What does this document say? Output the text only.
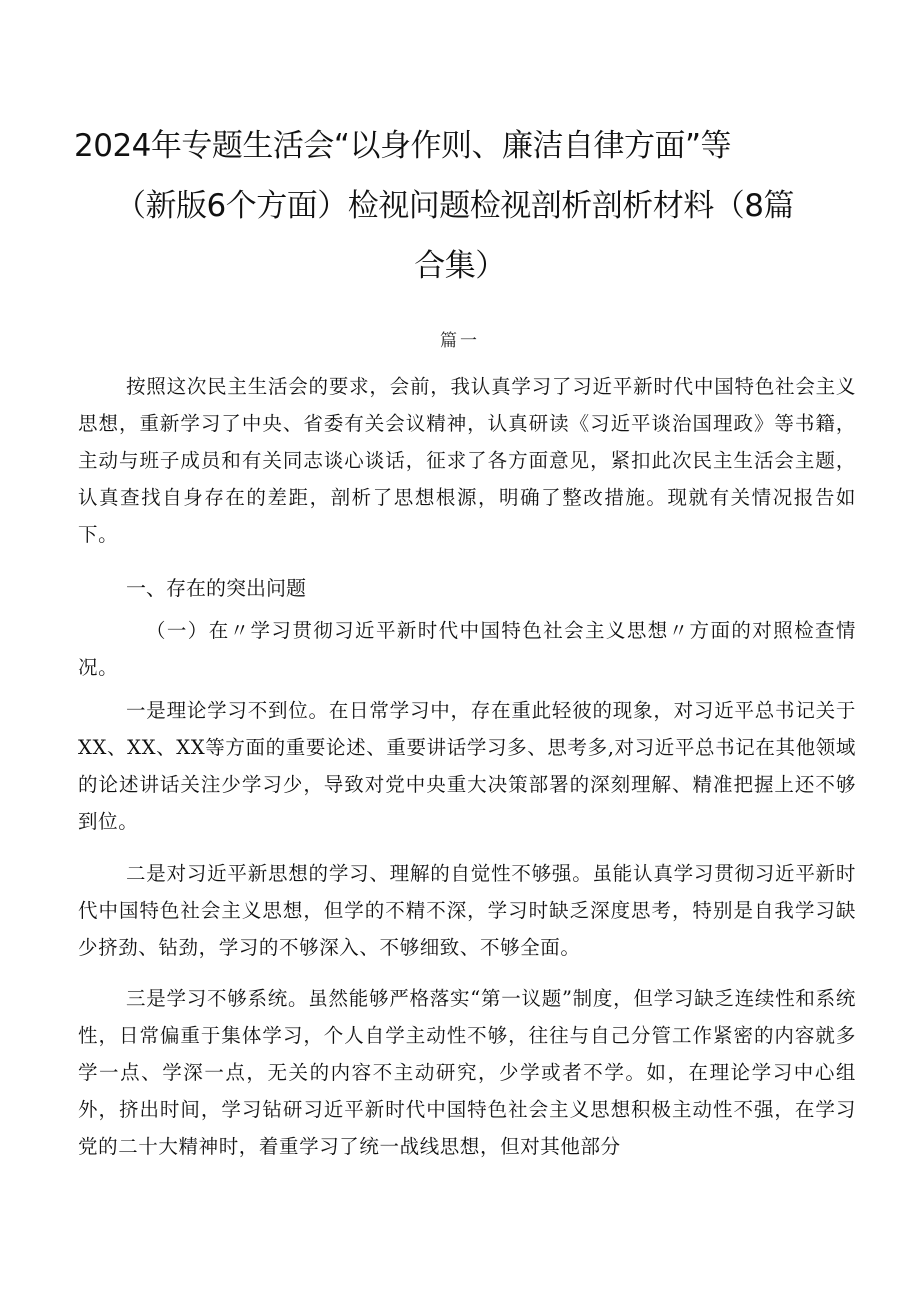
2024年专题生活会“以身作则、廉洁自律方面”等
（新版6个方面）检视问题检视剖析剖析材料（8篇
合集）
篇一

按照这次民主生活会的要求，会前，我认真学习了习近平新时代中国特色社会主义思想，重新学习了中央、省委有关会议精神，认真研读《习近平谈治国理政》等书籍，主动与班子成员和有关同志谈心谈话，征求了各方面意见，紧扣此次民主生活会主题，认真查找自身存在的差距，剖析了思想根源，明确了整改措施。现就有关情况报告如下。

一、存在的突出问题

（一）在〃学习贯彻习近平新时代中国特色社会主义思想〃方面的对照检查情况。

一是理论学习不到位。在日常学习中，存在重此轻彼的现象，对习近平总书记关于XX、XX、XX等方面的重要论述、重要讲话学习多、思考多,对习近平总书记在其他领域的论述讲话关注少学习少，导致对党中央重大决策部署的深刻理解、精准把握上还不够到位。

二是对习近平新思想的学习、理解的自觉性不够强。虽能认真学习贯彻习近平新时代中国特色社会主义思想，但学的不精不深，学习时缺乏深度思考，特别是自我学习缺少挤劲、钻劲，学习的不够深入、不够细致、不够全面。

三是学习不够系统。虽然能够严格落实“第一议题”制度，但学习缺乏连续性和系统性，日常偏重于集体学习，个人自学主动性不够，往往与自己分管工作紧密的内容就多学一点、学深一点，无关的内容不主动研究，少学或者不学。如，在理论学习中心组外，挤出时间，学习钻研习近平新时代中国特色社会主义思想积极主动性不强，在学习党的二十大精神时，着重学习了统一战线思想，但对其他部分
